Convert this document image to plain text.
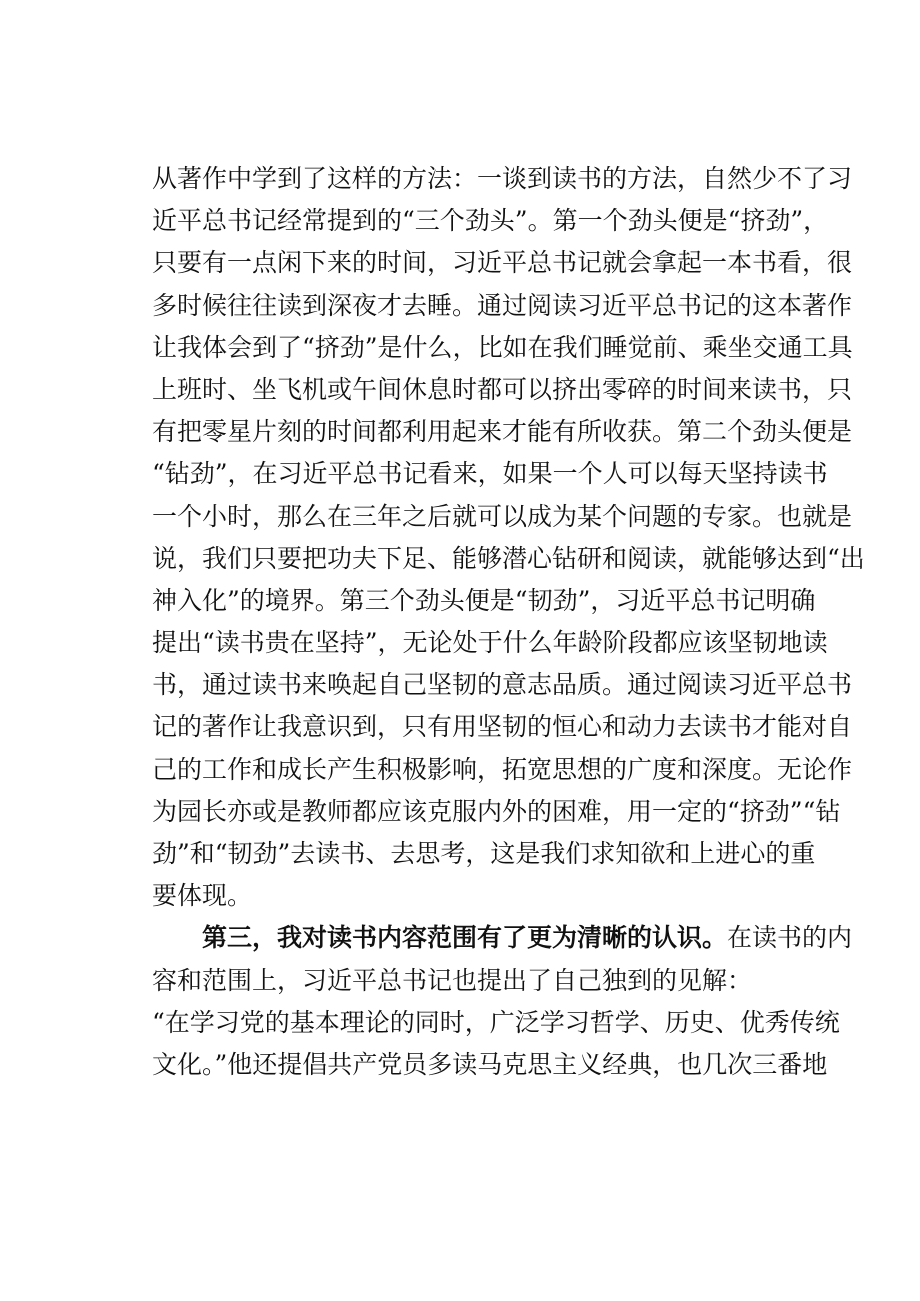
从著作中学到了这样的方法：一谈到读书的方法，自然少不了习
近平总书记经常提到的“三个劲头”。第一个劲头便是“挤劲”，
只要有一点闲下来的时间，习近平总书记就会拿起一本书看，很
多时候往往读到深夜才去睡。通过阅读习近平总书记的这本著作
让我体会到了“挤劲”是什么，比如在我们睡觉前、乘坐交通工具
上班时、坐飞机或午间休息时都可以挤出零碎的时间来读书，只
有把零星片刻的时间都利用起来才能有所收获。第二个劲头便是
“钻劲”，在习近平总书记看来，如果一个人可以每天坚持读书
一个小时，那么在三年之后就可以成为某个问题的专家。也就是
说，我们只要把功夫下足、能够潜心钻研和阅读，就能够达到“出
神入化”的境界。第三个劲头便是“韧劲”，习近平总书记明确
提出“读书贵在坚持”，无论处于什么年龄阶段都应该坚韧地读
书，通过读书来唤起自己坚韧的意志品质。通过阅读习近平总书
记的著作让我意识到，只有用坚韧的恒心和动力去读书才能对自
己的工作和成长产生积极影响，拓宽思想的广度和深度。无论作
为园长亦或是教师都应该克服内外的困难，用一定的“挤劲”“钻
劲”和“韧劲”去读书、去思考，这是我们求知欲和上进心的重
要体现。
第三，我对读书内容范围有了更为清晰的认识。在读书的内
容和范围上，习近平总书记也提出了自己独到的见解：
“在学习党的基本理论的同时，广泛学习哲学、历史、优秀传统
文化。”他还提倡共产党员多读马克思主义经典，也几次三番地
